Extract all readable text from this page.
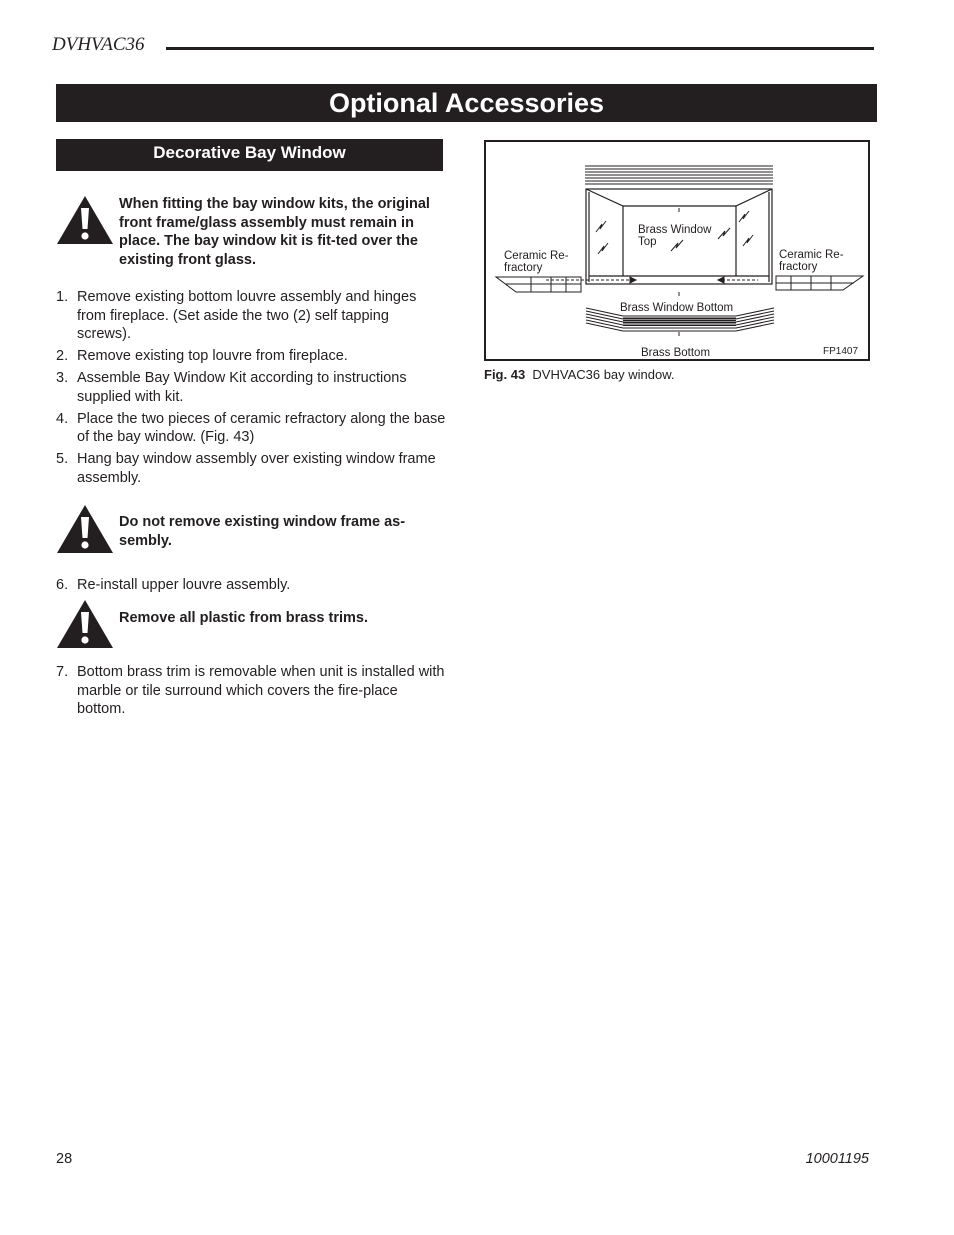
DVHVAC36
Optional Accessories
Decorative Bay Window
When fitting the bay window kits, the original front frame/glass assembly must remain in place. The bay window kit is fit-ted over the existing front glass.
1. Remove existing bottom louvre assembly and hinges from fireplace. (Set aside the two (2) self tapping screws).
2. Remove existing top louvre from fireplace.
3. Assemble Bay Window Kit according to instructions supplied with kit.
4. Place the two pieces of ceramic refractory along the base of the bay window. (Fig. 43)
5. Hang bay window assembly over existing window frame assembly.
Do not remove existing window frame as-sembly.
6. Re-install upper louvre assembly.
Remove all plastic from brass trims.
7. Bottom brass trim is removable when unit is installed with marble or tile surround which covers the fire-place bottom.
Brass Window
Top
Ceramic Re-
fractory
Ceramic Re-
fractory
Brass Window Bottom
Brass Bottom	FP1407
Fig. 43 DVHVAC36 bay window.
28	10001195
